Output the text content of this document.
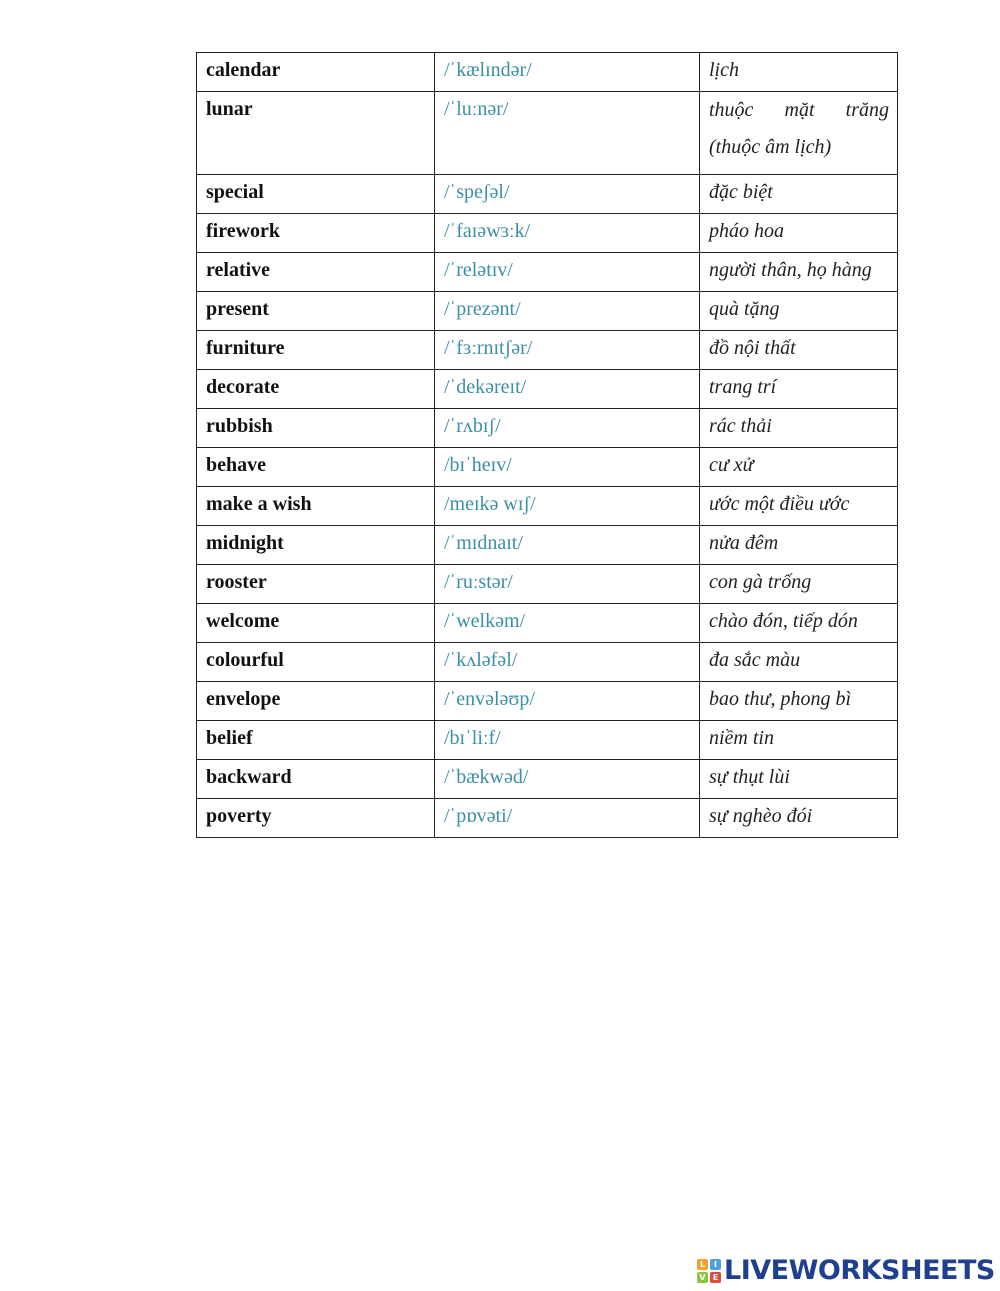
calendar	/ˈkælɪndər/	lịch
lunar	/ˈluːnər/	thuộc mặt trăng (thuộc âm lịch)
special	/ˈspeʃəl/	đặc biệt
firework	/ˈfaɪəwɜːk/	pháo hoa
relative	/ˈrelətɪv/	người thân, họ hàng
present	/ˈprezənt/	quà tặng
furniture	/ˈfɜːrnɪtʃər/	đồ nội thất
decorate	/ˈdekəreɪt/	trang trí
rubbish	/ˈrʌbɪʃ/	rác thải
behave	/bɪˈheɪv/	cư xử
make a wish	/meɪkə wɪʃ/	ước một điều ước
midnight	/ˈmɪdnaɪt/	nửa đêm
rooster	/ˈruːstər/	con gà trống
welcome	/ˈwelkəm/	chào đón, tiếp dón
colourful	/ˈkʌləfəl/	đa sắc màu
envelope	/ˈenvələʊp/	bao thư, phong bì
belief	/bɪˈliːf/	niềm tin
backward	/ˈbækwəd/	sự thụt lùi
poverty	/ˈpɒvəti/	sự nghèo đói
L	I
V E LIVEWORKSHEETS
